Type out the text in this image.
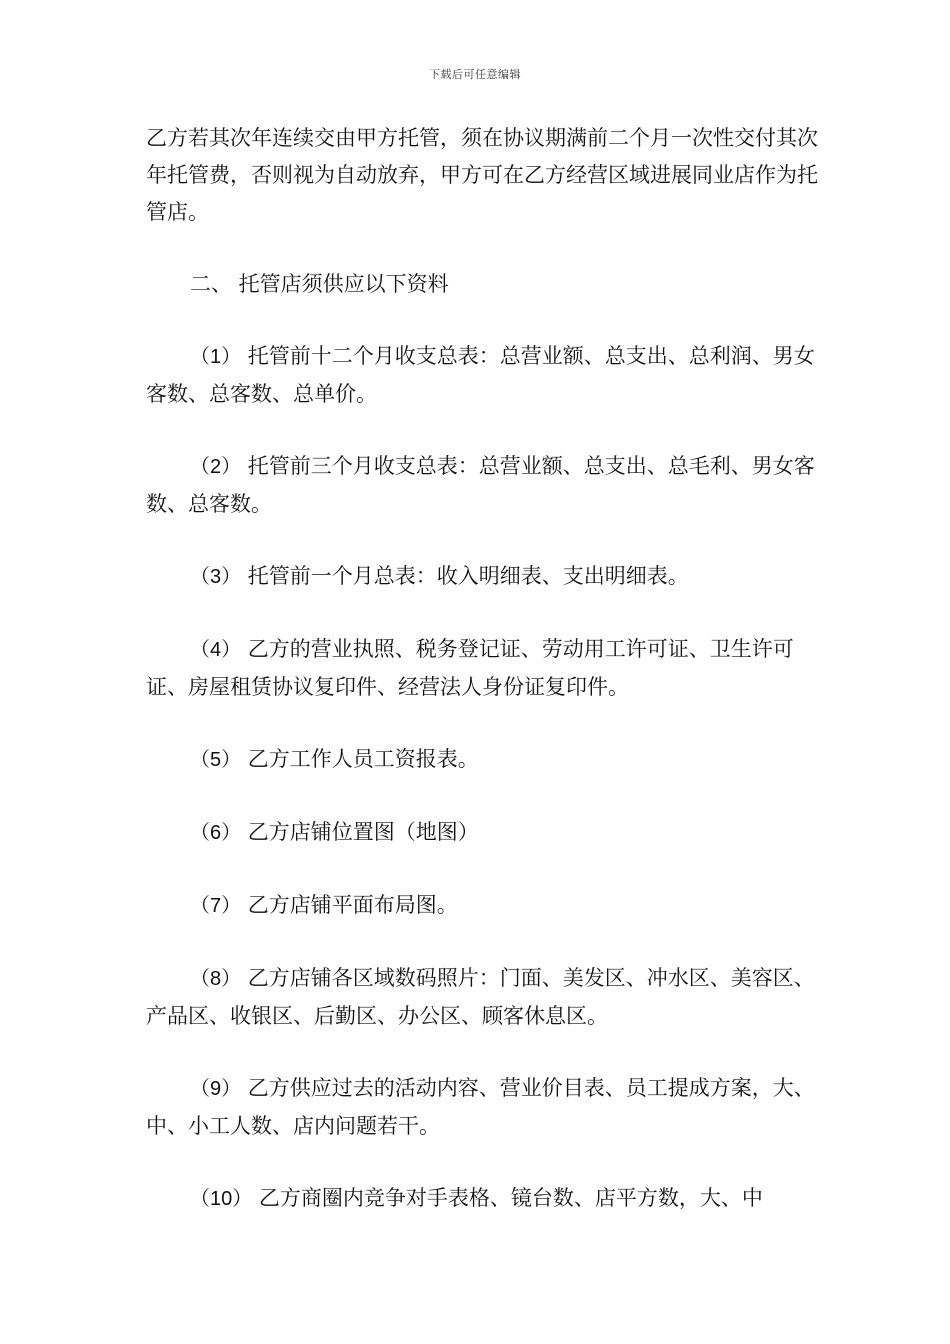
下载后可任意编辑

乙方若其次年连续交由甲方托管，须在协议期满前二个月一次性交付其次年托管费，否则视为自动放弃，甲方可在乙方经营区域进展同业店作为托管店。

二、 托管店须供应以下资料

（1） 托管前十二个月收支总表：总营业额、总支出、总利润、男女客数、总客数、总单价。

（2） 托管前三个月收支总表：总营业额、总支出、总毛利、男女客数、总客数。

（3） 托管前一个月总表：收入明细表、支出明细表。

（4） 乙方的营业执照、税务登记证、劳动用工许可证、卫生许可证、房屋租赁协议复印件、经营法人身份证复印件。

（5） 乙方工作人员工资报表。

（6） 乙方店铺位置图（地图）

（7） 乙方店铺平面布局图。

（8） 乙方店铺各区域数码照片：门面、美发区、冲水区、美容区、产品区、收银区、后勤区、办公区、顾客休息区。

（9） 乙方供应过去的活动内容、营业价目表、员工提成方案，大、中、小工人数、店内问题若干。

（10） 乙方商圈内竞争对手表格、镜台数、店平方数，大、中
